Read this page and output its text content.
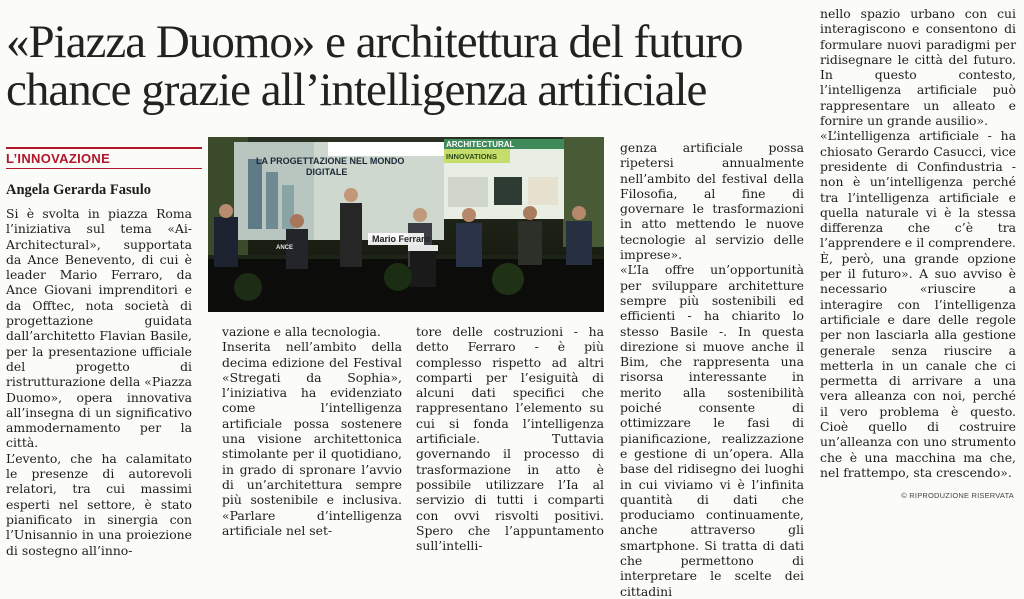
«Piazza Duomo» e architettura del futuro
chance grazie all’intelligenza artificiale
L’INNOVAZIONE
Angela Gerarda Fasulo

Si è svolta in piazza Roma l’iniziativa sul tema «Ai-Architectural», supportata da Ance Benevento, di cui è leader Mario Ferraro, da Ance Giovani imprenditori e da Offtec, nota società di progettazione guidata dall’architetto Flavian Basile, per la presentazione ufficiale del progetto di ristrutturazione della «Piazza Duomo», opera innovativa all’insegna di un significativo ammodernamento per la città.

L’evento, che ha calamitato le presenze di autorevoli relatori, tra cui massimi esperti nel settore, è stato pianificato in sinergia con l’Unisannio in una proiezione di sostegno all’inno-

LA PROGETTAZIONE NEL MONDO
DIGITALE
ARCHITECTURAL
INNOVATIONS
Mario Ferraro
ANCE

vazione e alla tecnologia.

Inserita nell’ambito della decima edizione del Festival «Stregati da Sophia», l’iniziativa ha evidenziato come l’intelligenza artificiale possa sostenere una visione architettonica stimolante per il quotidiano, in grado di spronare l’avvio di un’architettura sempre più sostenibile e inclusiva. «Parlare d’intelligenza artificiale nel set-

tore delle costruzioni - ha detto Ferraro - è più complesso rispetto ad altri comparti per l’esiguità di alcuni dati specifici che rappresentano l’elemento su cui si fonda l’intelligenza artificiale. Tuttavia governando il processo di trasformazione in atto è possibile utilizzare l’Ia al servizio di tutti i comparti con ovvi risvolti positivi. Spero che l’appuntamento sull’intelli-

genza artificiale possa ripetersi annualmente nell’ambito del festival della Filosofia, al fine di governare le trasformazioni in atto mettendo le nuove tecnologie al servizio delle imprese».

«L’Ia offre un’opportunità per sviluppare architetture sempre più sostenibili ed efficienti - ha chiarito lo stesso Basile -. In questa direzione si muove anche il Bim, che rappresenta una risorsa interessante in merito alla sostenibilità poiché consente di ottimizzare le fasi di pianificazione, realizzazione e gestione di un’opera. Alla base del ridisegno dei luoghi in cui viviamo vi è l’infinita quantità di dati che produciamo continuamente, anche attraverso gli smartphone. Si tratta di dati che permettono di interpretare le scelte dei cittadini

nello spazio urbano con cui interagiscono e consentono di formulare nuovi paradigmi per ridisegnare le città del futuro. In questo contesto, l’intelligenza artificiale può rappresentare un alleato e fornire un grande ausilio».

«L’intelligenza artificiale - ha chiosato Gerardo Casucci, vice presidente di Confindustria - non è un’intelligenza perché tra l’intelligenza artificiale e quella naturale vi è la stessa differenza che c’è tra l’apprendere e il comprendere. È, però, una grande opzione per il futuro». A suo avviso è necessario «riuscire a interagire con l’intelligenza artificiale e dare delle regole per non lasciarla alla gestione generale senza riuscire a metterla in un canale che ci permetta di arrivare a una vera alleanza con noi, perché il vero problema è questo. Cioè quello di costruire un’alleanza con uno strumento che è una macchina ma che, nel frattempo, sta crescendo».

© RIPRODUZIONE RISERVATA
